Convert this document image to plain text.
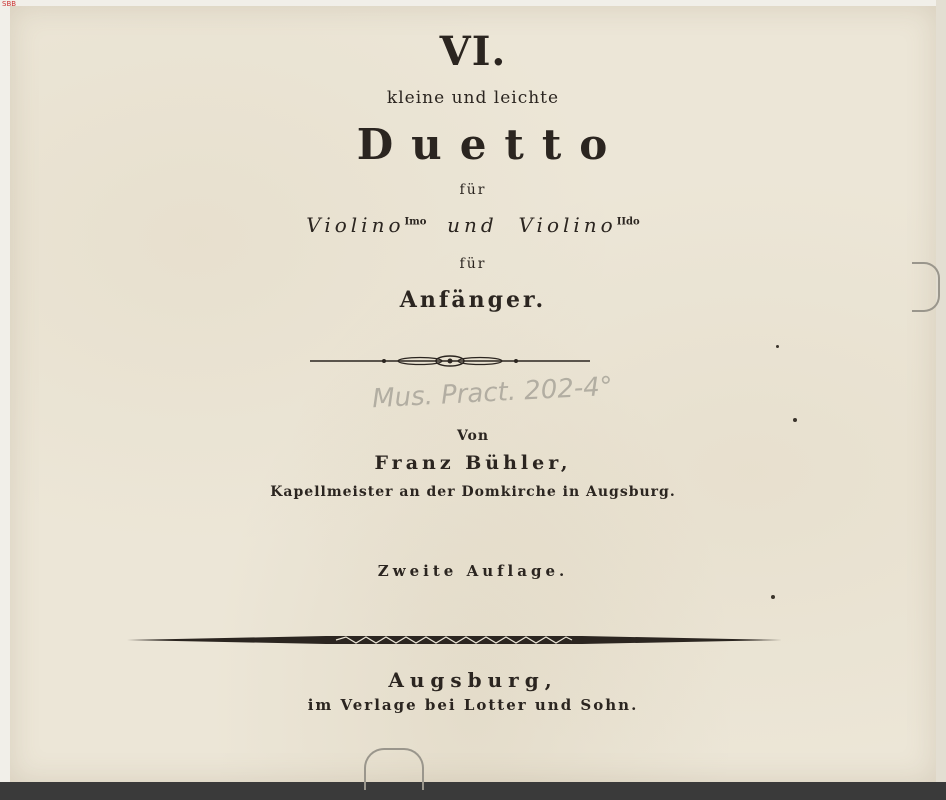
SBB
VI.
kleine und leichte
Duetto
für
Violino$^{Imo}$ und Violino$^{IIdo}$
für
Anfänger.
Mus. Pract. 202-4°
Von
Franz Bühler,
Kapellmeister an der Domkirche in Augsburg.
Zweite Auflage.
Augsburg,
im Verlage bei Lotter und Sohn.
